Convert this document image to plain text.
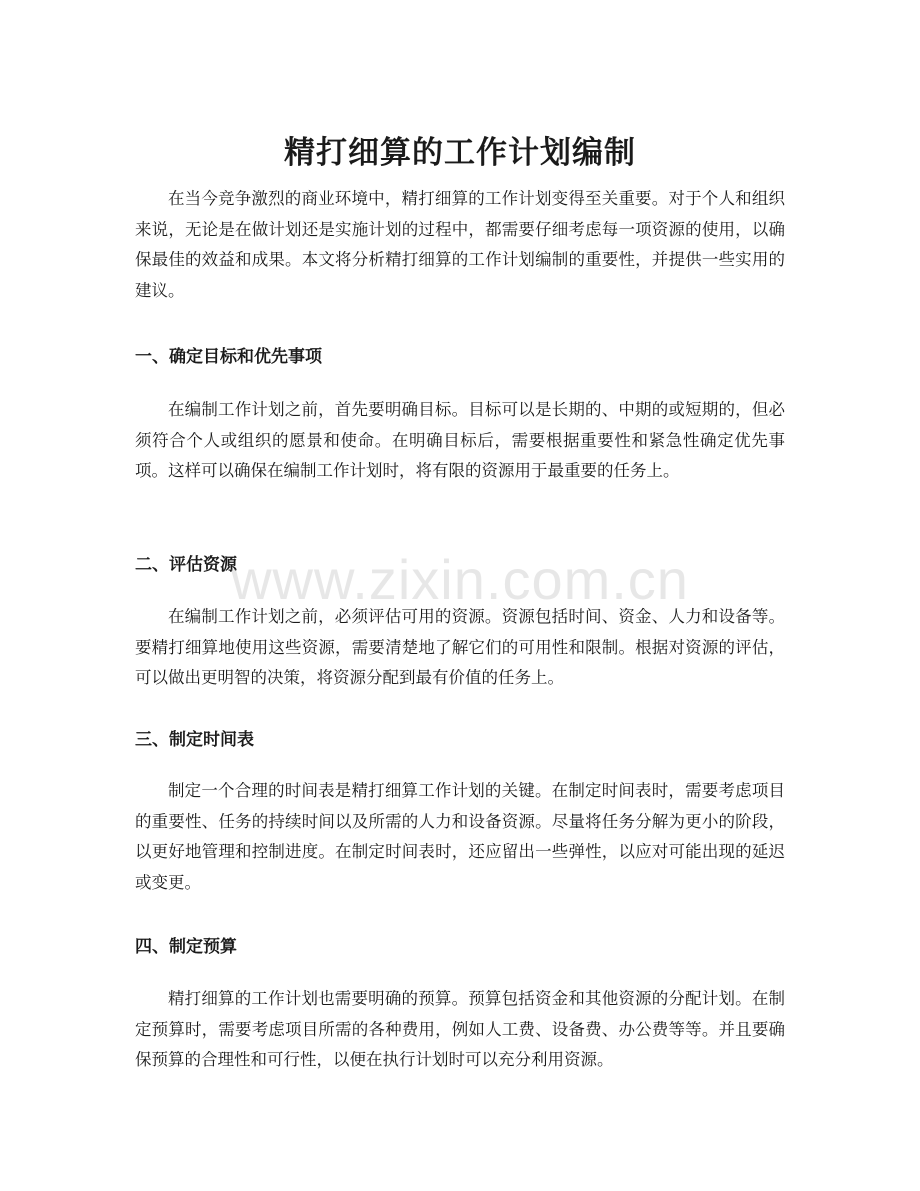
精打细算的工作计划编制

在当今竞争激烈的商业环境中，精打细算的工作计划变得至关重要。对于个人和组织来说，无论是在做计划还是实施计划的过程中，都需要仔细考虑每一项资源的使用，以确保最佳的效益和成果。本文将分析精打细算的工作计划编制的重要性，并提供一些实用的建议。

一、确定目标和优先事项

在编制工作计划之前，首先要明确目标。目标可以是长期的、中期的或短期的，但必须符合个人或组织的愿景和使命。在明确目标后，需要根据重要性和紧急性确定优先事项。这样可以确保在编制工作计划时，将有限的资源用于最重要的任务上。

二、评估资源

在编制工作计划之前，必须评估可用的资源。资源包括时间、资金、人力和设备等。要精打细算地使用这些资源，需要清楚地了解它们的可用性和限制。根据对资源的评估，可以做出更明智的决策，将资源分配到最有价值的任务上。

三、制定时间表

制定一个合理的时间表是精打细算工作计划的关键。在制定时间表时，需要考虑项目的重要性、任务的持续时间以及所需的人力和设备资源。尽量将任务分解为更小的阶段，以更好地管理和控制进度。在制定时间表时，还应留出一些弹性，以应对可能出现的延迟或变更。

四、制定预算

精打细算的工作计划也需要明确的预算。预算包括资金和其他资源的分配计划。在制定预算时，需要考虑项目所需的各种费用，例如人工费、设备费、办公费等等。并且要确保预算的合理性和可行性，以便在执行计划时可以充分利用资源。

www.zixin.com.cn
